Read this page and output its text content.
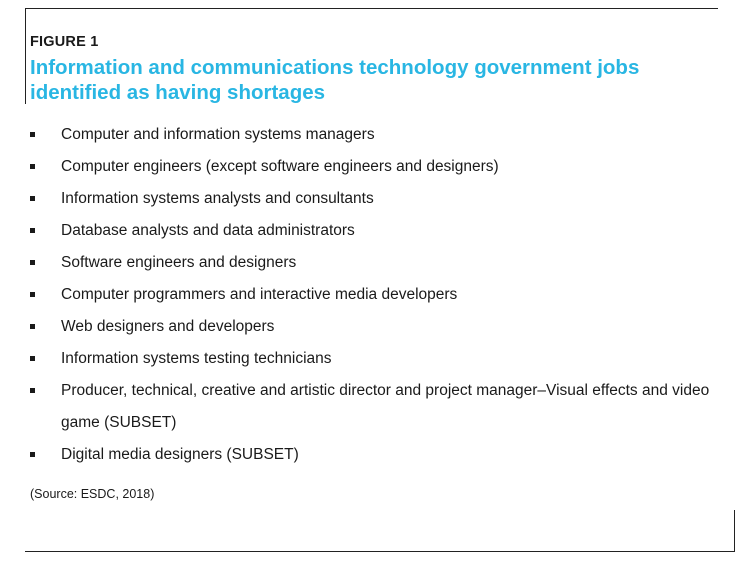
FIGURE 1
Information and communications technology government jobs identified as having shortages
Computer and information systems managers
Computer engineers (except software engineers and designers)
Information systems analysts and consultants
Database analysts and data administrators
Software engineers and designers
Computer programmers and interactive media developers
Web designers and developers
Information systems testing technicians
Producer, technical, creative and artistic director and project manager–Visual effects and video game (SUBSET)
Digital media designers (SUBSET)
(Source: ESDC, 2018)
